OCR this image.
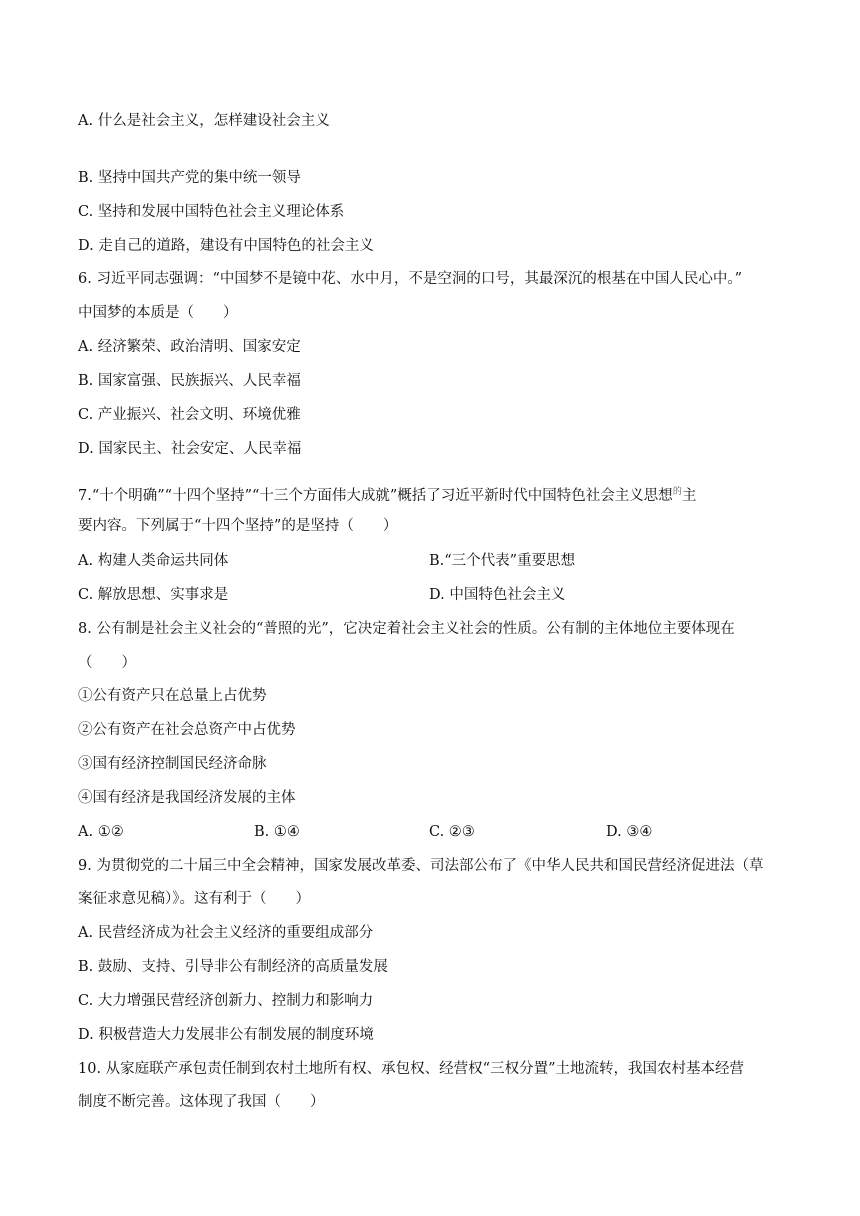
A. 什么是社会主义，怎样建设社会主义
B. 坚持中国共产党的集中统一领导
C. 坚持和发展中国特色社会主义理论体系
D. 走自己的道路，建设有中国特色的社会主义
6. 习近平同志强调：“中国梦不是镜中花、水中月，不是空洞的口号，其最深沉的根基在中国人民心中。”
中国梦的本质是（　　）
A. 经济繁荣、政治清明、国家安定
B. 国家富强、民族振兴、人民幸福
C. 产业振兴、社会文明、环境优雅
D. 国家民主、社会安定、人民幸福
7.“十个明确”“十四个坚持”“十三个方面伟大成就”概括了习近平新时代中国特色社会主义思想$^的$主
要内容。下列属于“十四个坚持”的是坚持（　　）
A. 构建人类命运共同体	B.“三个代表”重要思想
C. 解放思想、实事求是	D. 中国特色社会主义
8. 公有制是社会主义社会的“普照的光”，它决定着社会主义社会的性质。公有制的主体地位主要体现在
（　　）
①公有资产只在总量上占优势
②公有资产在社会总资产中占优势
③国有经济控制国民经济命脉
④国有经济是我国经济发展的主体
A. ①②	B. ①④	C. ②③	D. ③④
9. 为贯彻党的二十届三中全会精神，国家发展改革委、司法部公布了《中华人民共和国民营经济促进法（草
案征求意见稿）》。这有利于（　　）
A. 民营经济成为社会主义经济的重要组成部分
B. 鼓励、支持、引导非公有制经济的高质量发展
C. 大力增强民营经济创新力、控制力和影响力
D. 积极营造大力发展非公有制发展的制度环境
10. 从家庭联产承包责任制到农村土地所有权、承包权、经营权“三权分置”土地流转，我国农村基本经营
制度不断完善。这体现了我国（　　）
